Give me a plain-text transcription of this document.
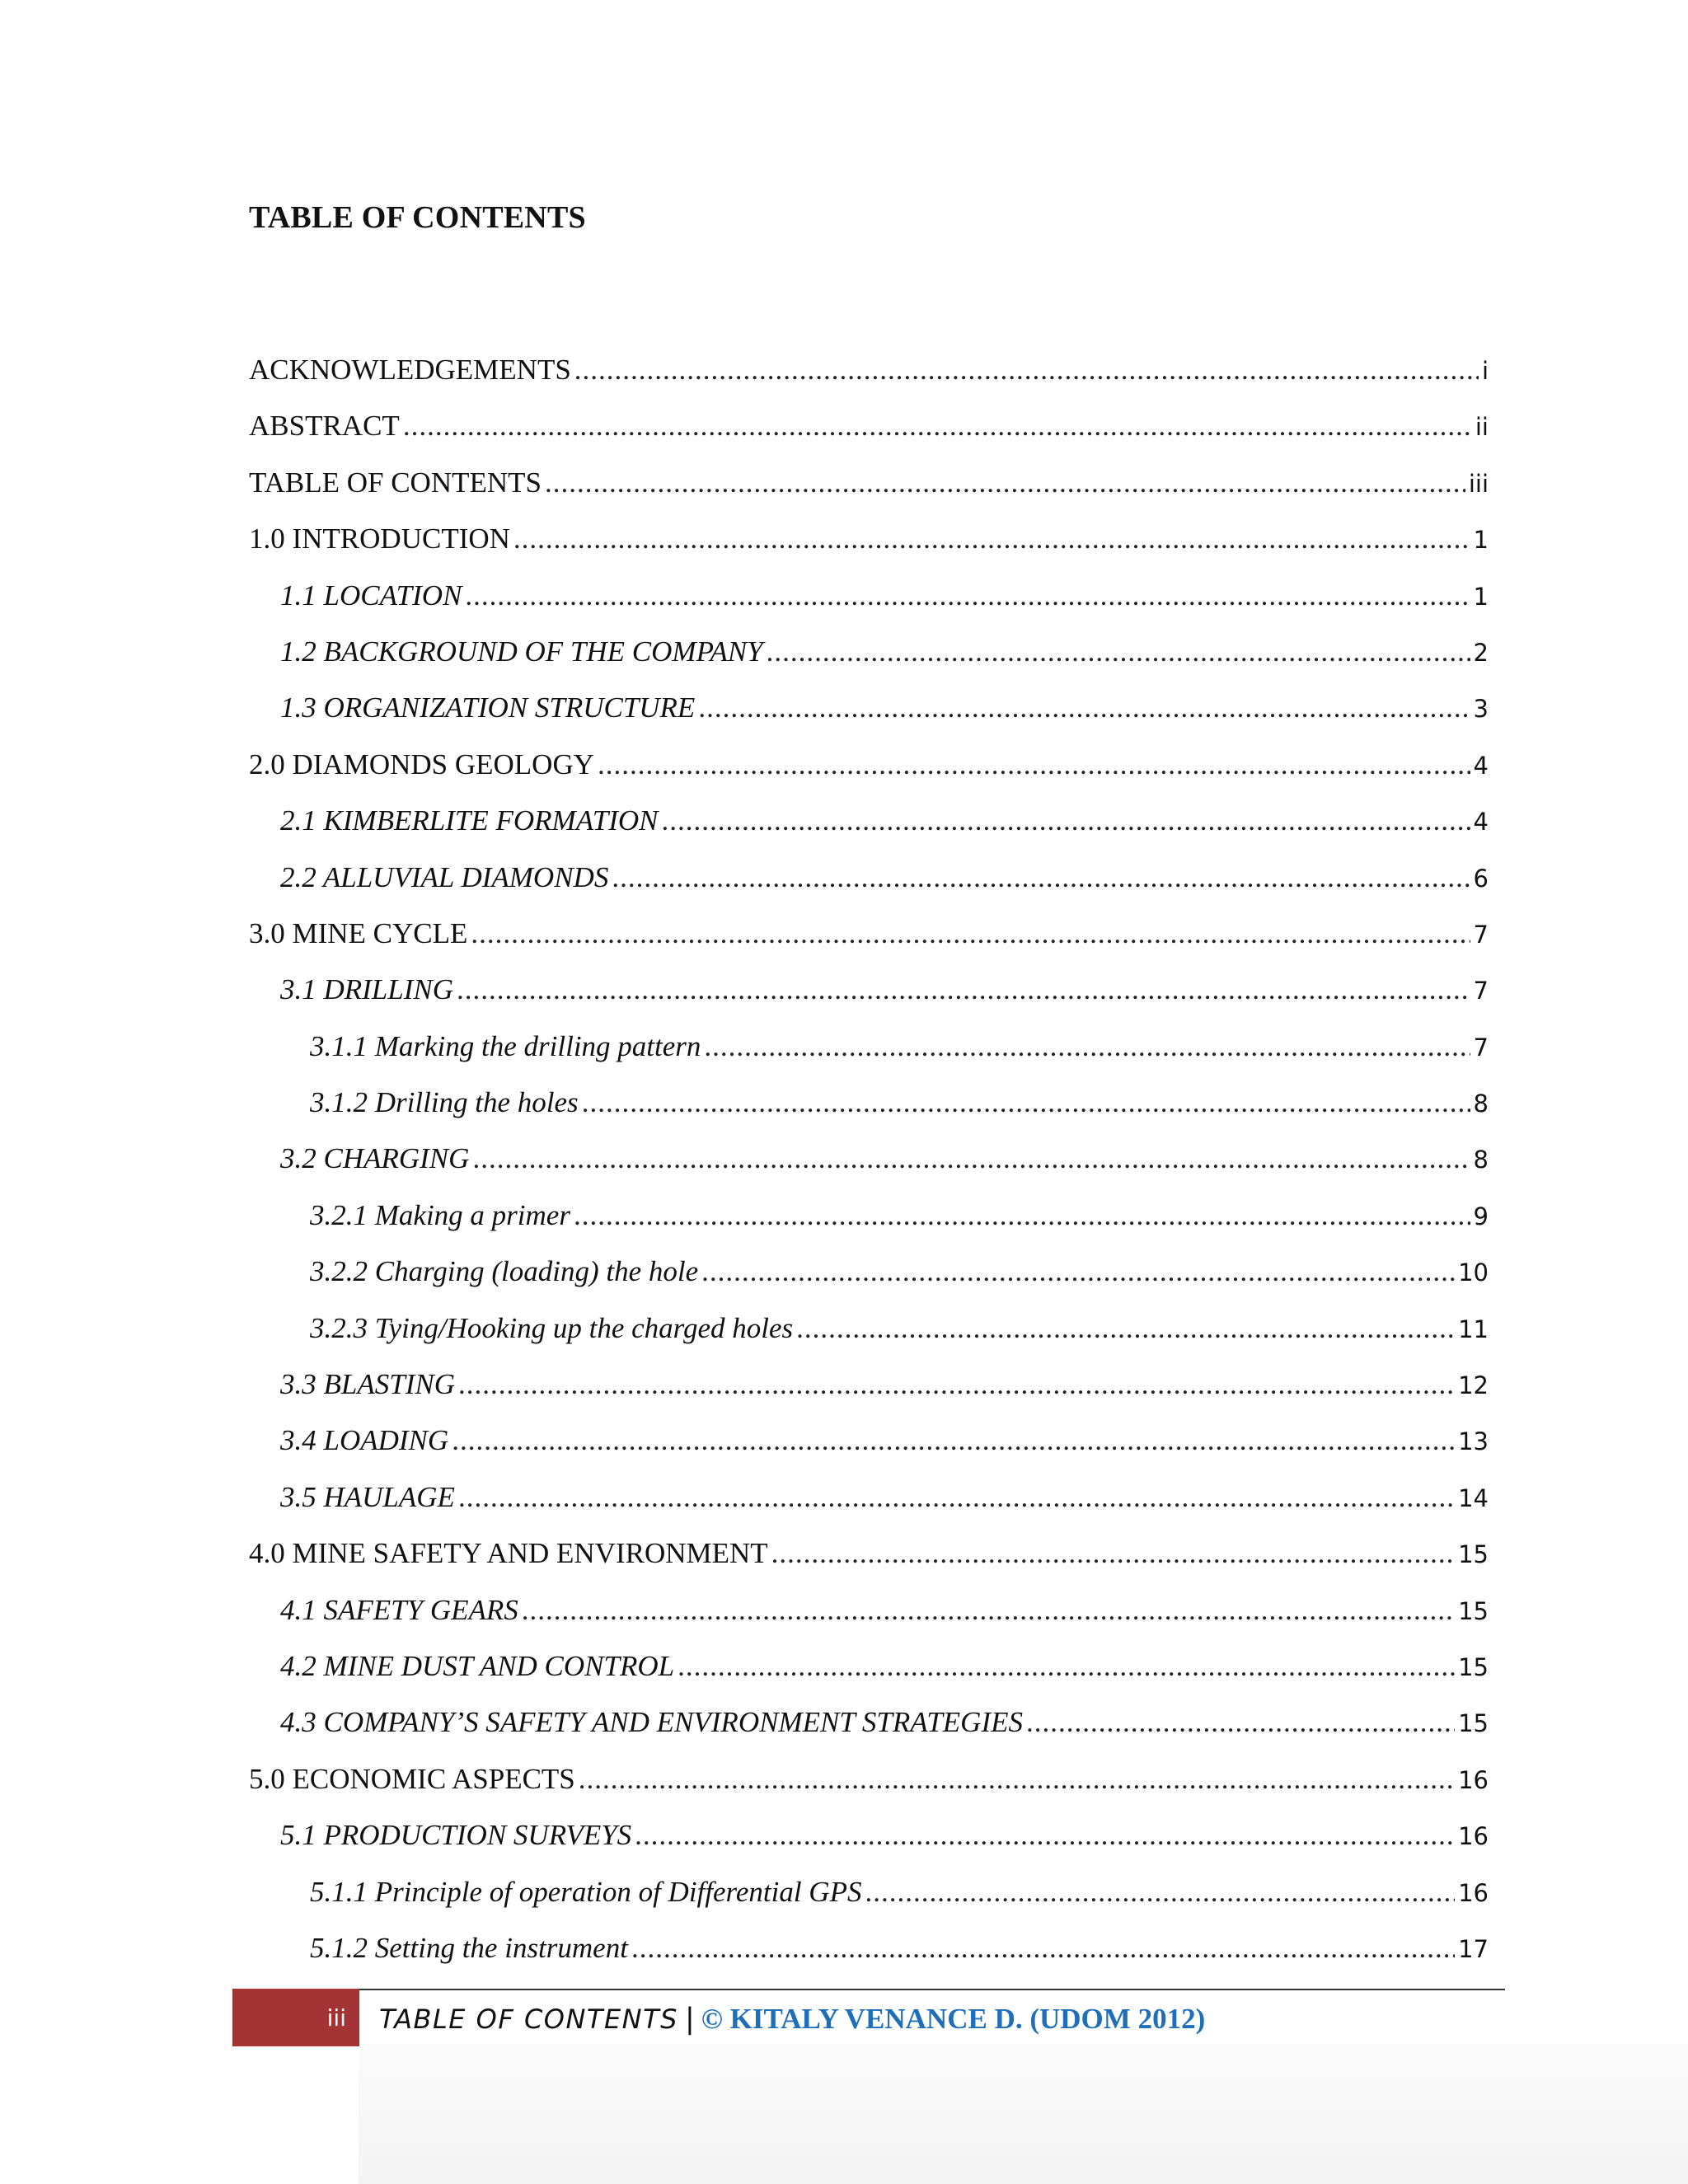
TABLE OF CONTENTS
ACKNOWLEDGEMENTS .....	i
ABSTRACT .....	ii
TABLE OF CONTENTS .....	iii
1.0 INTRODUCTION .....	1
1.1 LOCATION .....	1
1.2 BACKGROUND OF THE COMPANY .....	2
1.3 ORGANIZATION STRUCTURE .....	3
2.0 DIAMONDS GEOLOGY .....	4
2.1 KIMBERLITE FORMATION .....	4
2.2 ALLUVIAL DIAMONDS .....	6
3.0 MINE CYCLE .....	7
3.1 DRILLING .....	7
3.1.1 Marking the drilling pattern .....	7
3.1.2 Drilling the holes .....	8
3.2 CHARGING .....	8
3.2.1 Making a primer .....	9
3.2.2 Charging (loading) the hole .....	10
3.2.3 Tying/Hooking up the charged holes .....	11
3.3 BLASTING .....	12
3.4 LOADING .....	13
3.5 HAULAGE .....	14
4.0 MINE SAFETY AND ENVIRONMENT .....	15
4.1 SAFETY GEARS .....	15
4.2 MINE DUST AND CONTROL .....	15
4.3 COMPANY’S SAFETY AND ENVIRONMENT STRATEGIES .....	15
5.0 ECONOMIC ASPECTS .....	16
5.1 PRODUCTION SURVEYS .....	16
5.1.1 Principle of operation of Differential GPS .....	16
5.1.2 Setting the instrument .....	17
iii TABLE OF CONTENTS | © KITALY VENANCE D. (UDOM 2012)
